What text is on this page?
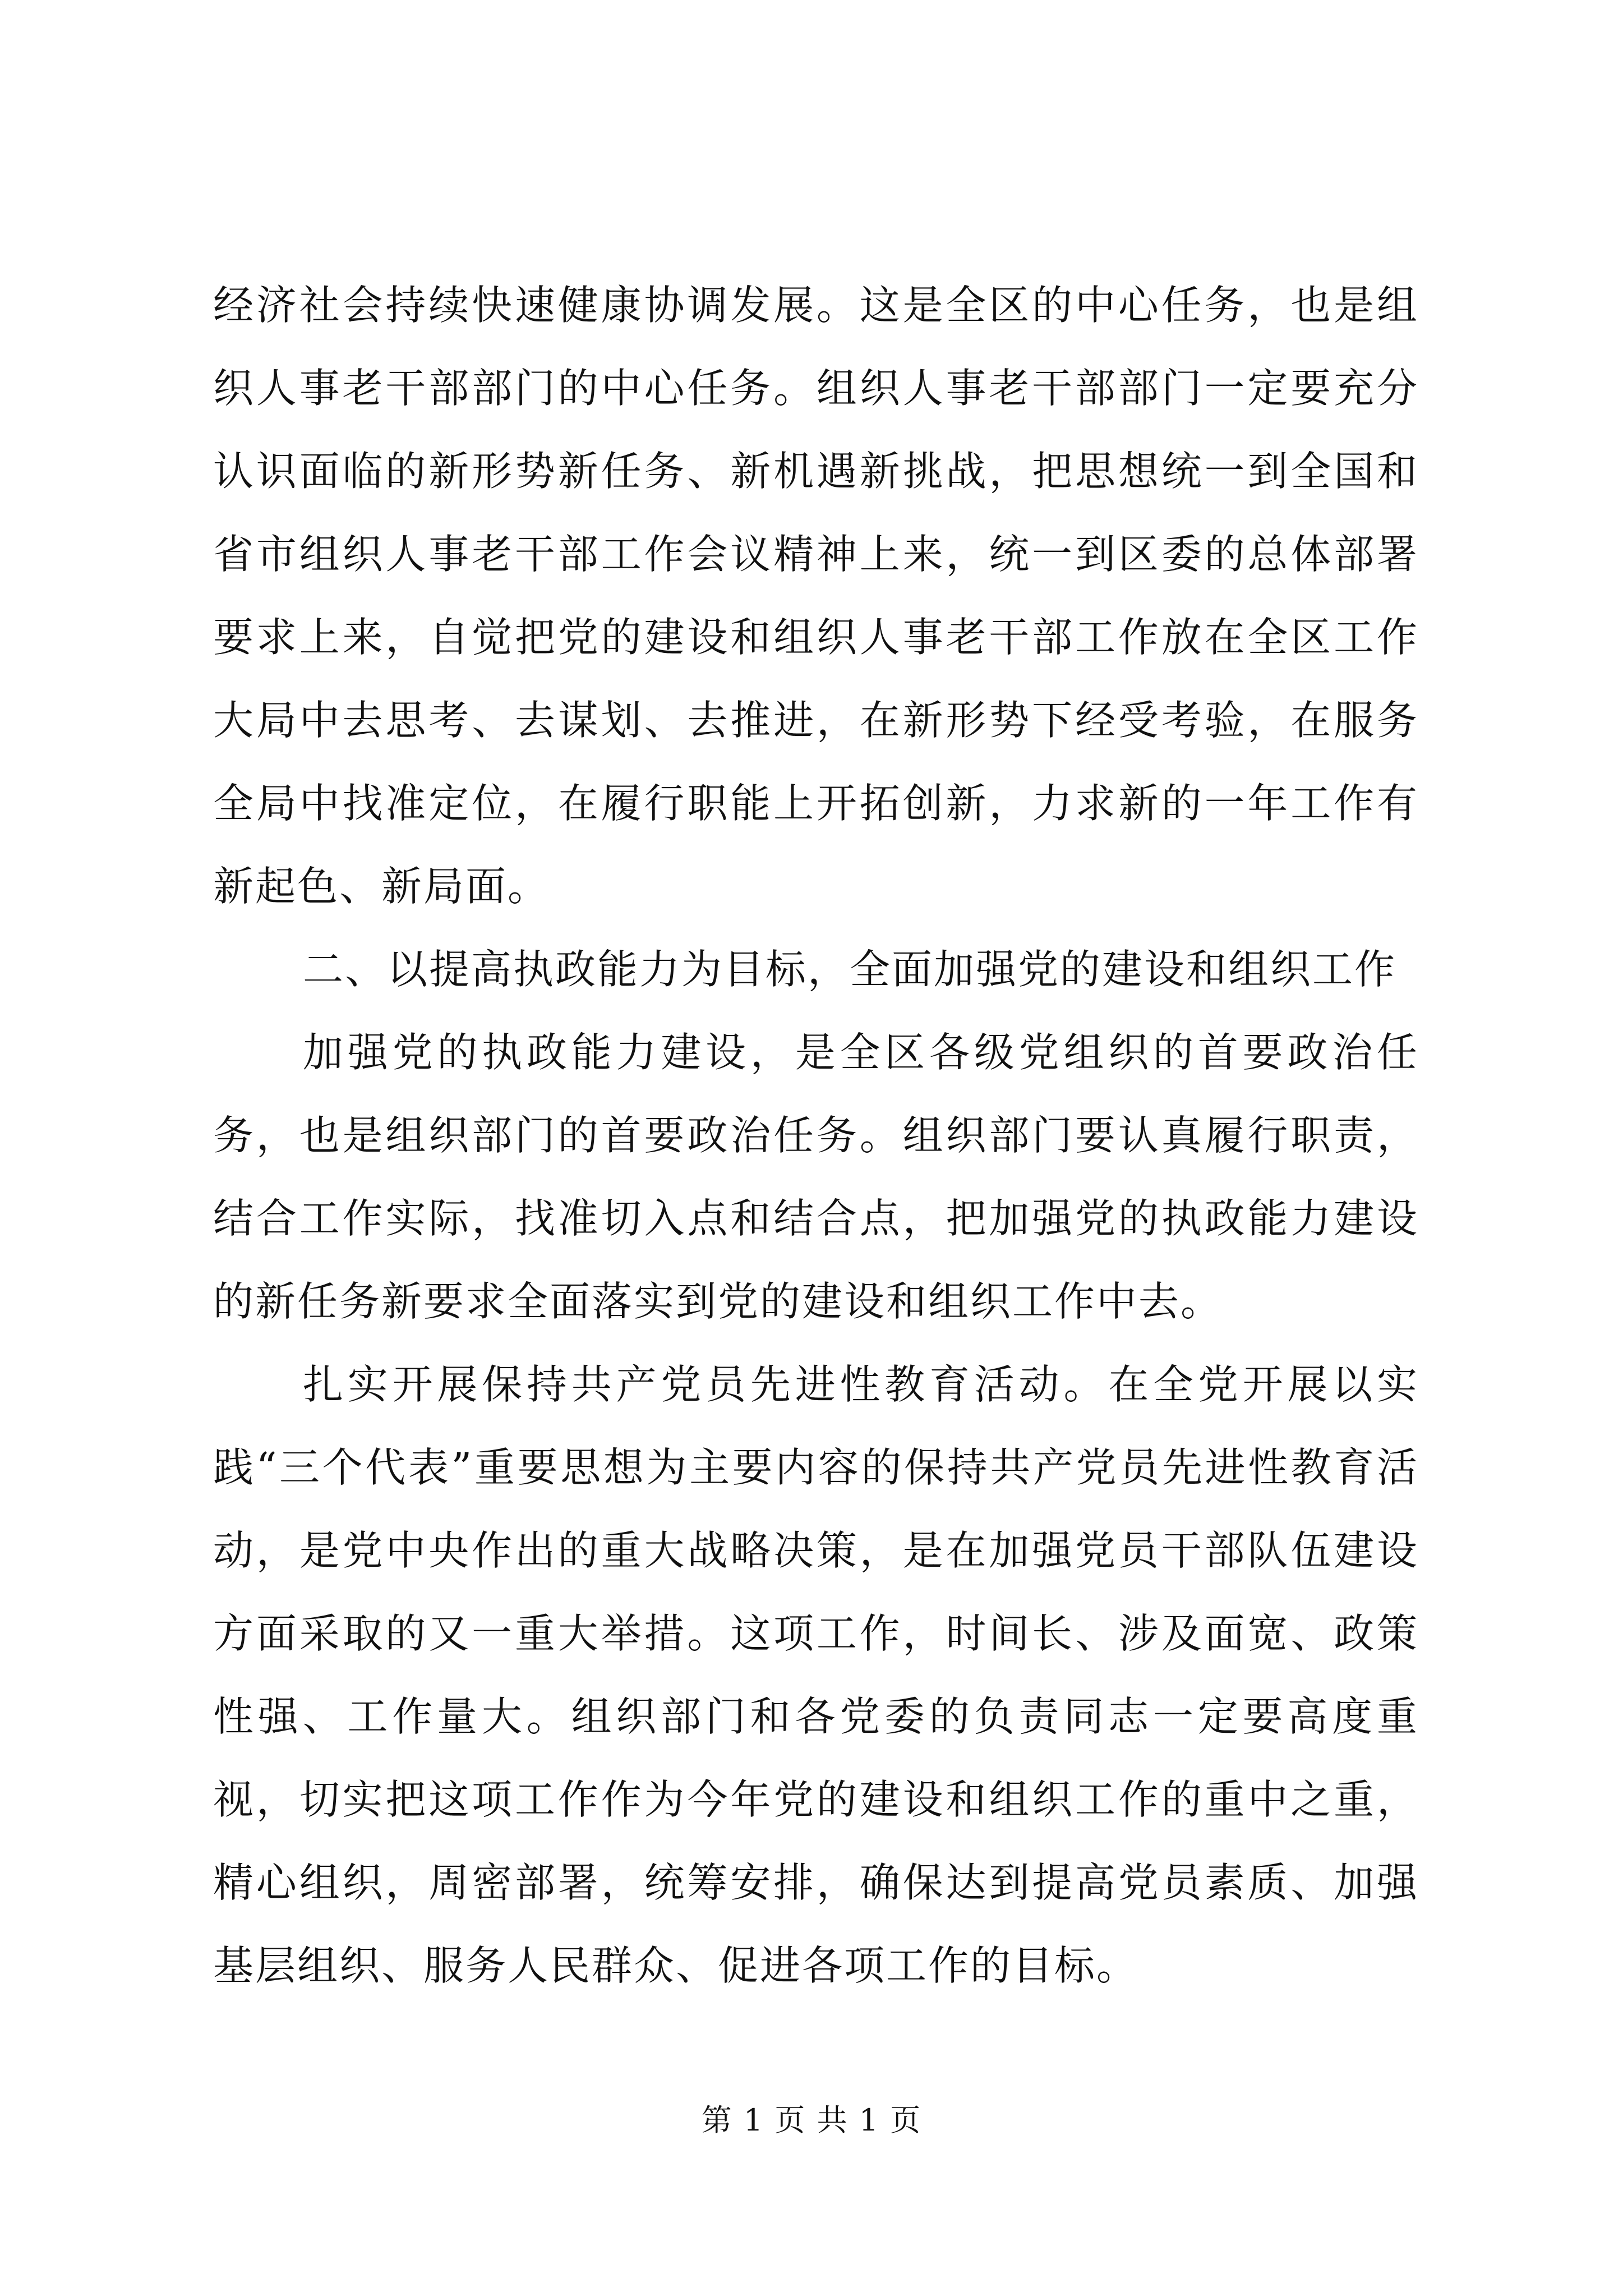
经济社会持续快速健康协调发展。这是全区的中心任务，也是组织人事老干部部门的中心任务。组织人事老干部部门一定要充分认识面临的新形势新任务、新机遇新挑战，把思想统一到全国和省市组织人事老干部工作会议精神上来，统一到区委的总体部署要求上来，自觉把党的建设和组织人事老干部工作放在全区工作大局中去思考、去谋划、去推进，在新形势下经受考验，在服务全局中找准定位，在履行职能上开拓创新，力求新的一年工作有新起色、新局面。

二、以提高执政能力为目标，全面加强党的建设和组织工作

加强党的执政能力建设，是全区各级党组织的首要政治任务，也是组织部门的首要政治任务。组织部门要认真履行职责，结合工作实际，找准切入点和结合点，把加强党的执政能力建设的新任务新要求全面落实到党的建设和组织工作中去。

扎实开展保持共产党员先进性教育活动。在全党开展以实践“三个代表”重要思想为主要内容的保持共产党员先进性教育活动，是党中央作出的重大战略决策，是在加强党员干部队伍建设方面采取的又一重大举措。这项工作，时间长、涉及面宽、政策性强、工作量大。组织部门和各党委的负责同志一定要高度重视，切实把这项工作作为今年党的建设和组织工作的重中之重，精心组织，周密部署，统筹安排，确保达到提高党员素质、加强基层组织、服务人民群众、促进各项工作的目标。

第 1 页 共 1 页
